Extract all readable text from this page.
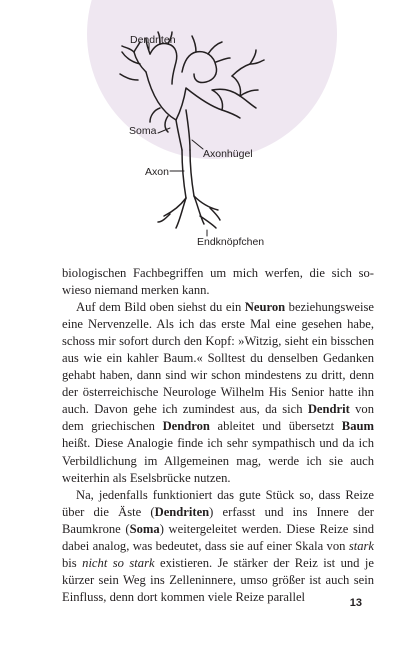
Dendriten
Soma
Axonhügel
Axon
Endknöpfchen

biologischen Fachbegriffen um mich werfen, die sich sowieso niemand merken kann.

Auf dem Bild oben siehst du ein Neuron beziehungsweise eine Nervenzelle. Als ich das erste Mal eine gesehen habe, schoss mir sofort durch den Kopf: »Witzig, sieht ein bisschen aus wie ein kahler Baum.« Solltest du denselben Gedanken gehabt haben, dann sind wir schon mindestens zu dritt, denn der österreichische Neurologe Wilhelm His Senior hatte ihn auch. Davon gehe ich zumindest aus, da sich Dendrit von dem griechischen Dendron ableitet und übersetzt Baum heißt. Diese Analogie finde ich sehr sympathisch und da ich Verbildlichung im Allgemeinen mag, werde ich sie auch weiterhin als Eselsbrücke nutzen.

Na, jedenfalls funktioniert das gute Stück so, dass Reize über die Äste (Dendriten) erfasst und ins Innere der Baumkrone (Soma) weitergeleitet werden. Diese Reize sind dabei analog, was bedeutet, dass sie auf einer Skala von stark bis nicht so stark existieren. Je stärker der Reiz ist und je kürzer sein Weg ins Zelleninnere, umso größer ist auch sein Einfluss, denn dort kommen viele Reize parallel	13
